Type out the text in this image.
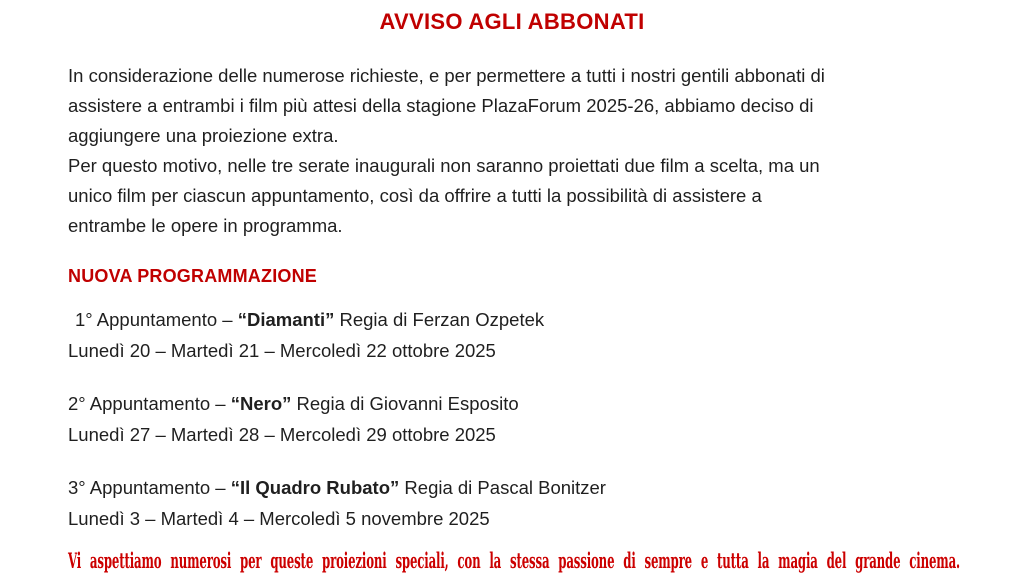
AVVISO AGLI ABBONATI

In considerazione delle numerose richieste, e per permettere a tutti i nostri gentili abbonati di
assistere a entrambi i film più attesi della stagione PlazaForum 2025-26, abbiamo deciso di
aggiungere una proiezione extra.

Per questo motivo, nelle tre serate inaugurali non saranno proiettati due film a scelta, ma un
unico film per ciascun appuntamento, così da offrire a tutti la possibilità di assistere a
entrambe le opere in programma.

NUOVA PROGRAMMAZIONE
1° Appuntamento – “Diamanti” Regia di Ferzan Ozpetek
Lunedì 20 – Martedì 21 – Mercoledì 22 ottobre 2025
2° Appuntamento – “Nero” Regia di Giovanni Esposito
Lunedì 27 – Martedì 28 – Mercoledì 29 ottobre 2025
3° Appuntamento – “Il Quadro Rubato” Regia di Pascal Bonitzer
Lunedì 3 – Martedì 4 – Mercoledì 5 novembre 2025
Vi aspettiamo numerosi per queste proiezioni speciali, con la stessa passione di sempre e tutta la magia del grande cinema.
